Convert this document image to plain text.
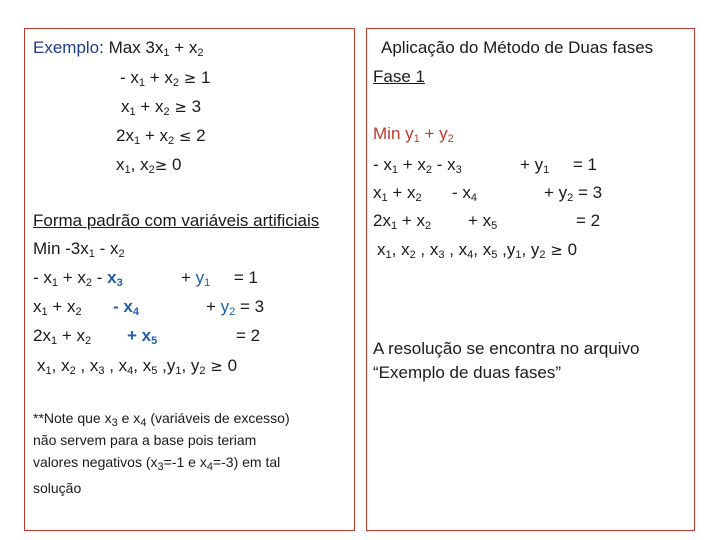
Exemplo: Max $3x_1 + x_2$
- $x_1 + x_2 \ge 1$
$x_1 + x_2 \ge 3$
$2x_1 + x_2 \le 2$
$x_1$, $x_2\ge 0$
Forma padrão com variáveis artificiais
Min $-3x_1 - x_2$
- $x_1 + x_2 - x_3$	+ $y_1$     = 1
$x_1 + x_2 - x_4$	+ $y_2 = 3$
$2x_1 + x_2 + x_5$	= 2
$x_1$, $x_2$ , $x_3$ , $x_4$, $x_5$ $,y_1$, $y_2 \ge 0$
**Note que $x_3$ e $x_4$ (variáveis de excesso)
não servem para a base pois teriam
valores negativos ($x_3=-1$ e $x_4=-3$) em tal
solução
Aplicação do Método de Duas fases
Fase 1
Min $y_1 + y_2$
- $x_1 + x_2 - x_3$	+ $y_1$     = 1
$x_1 + x_2 - x_4$	+ $y_2 = 3$
$2x_1 + x_2 + x_5$	= 2
$x_1$, $x_2$ , $x_3$ , $x_4$, $x_5$ $,y_1$, $y_2 \ge 0$
A resolução se encontra no arquivo
“Exemplo de duas fases”
